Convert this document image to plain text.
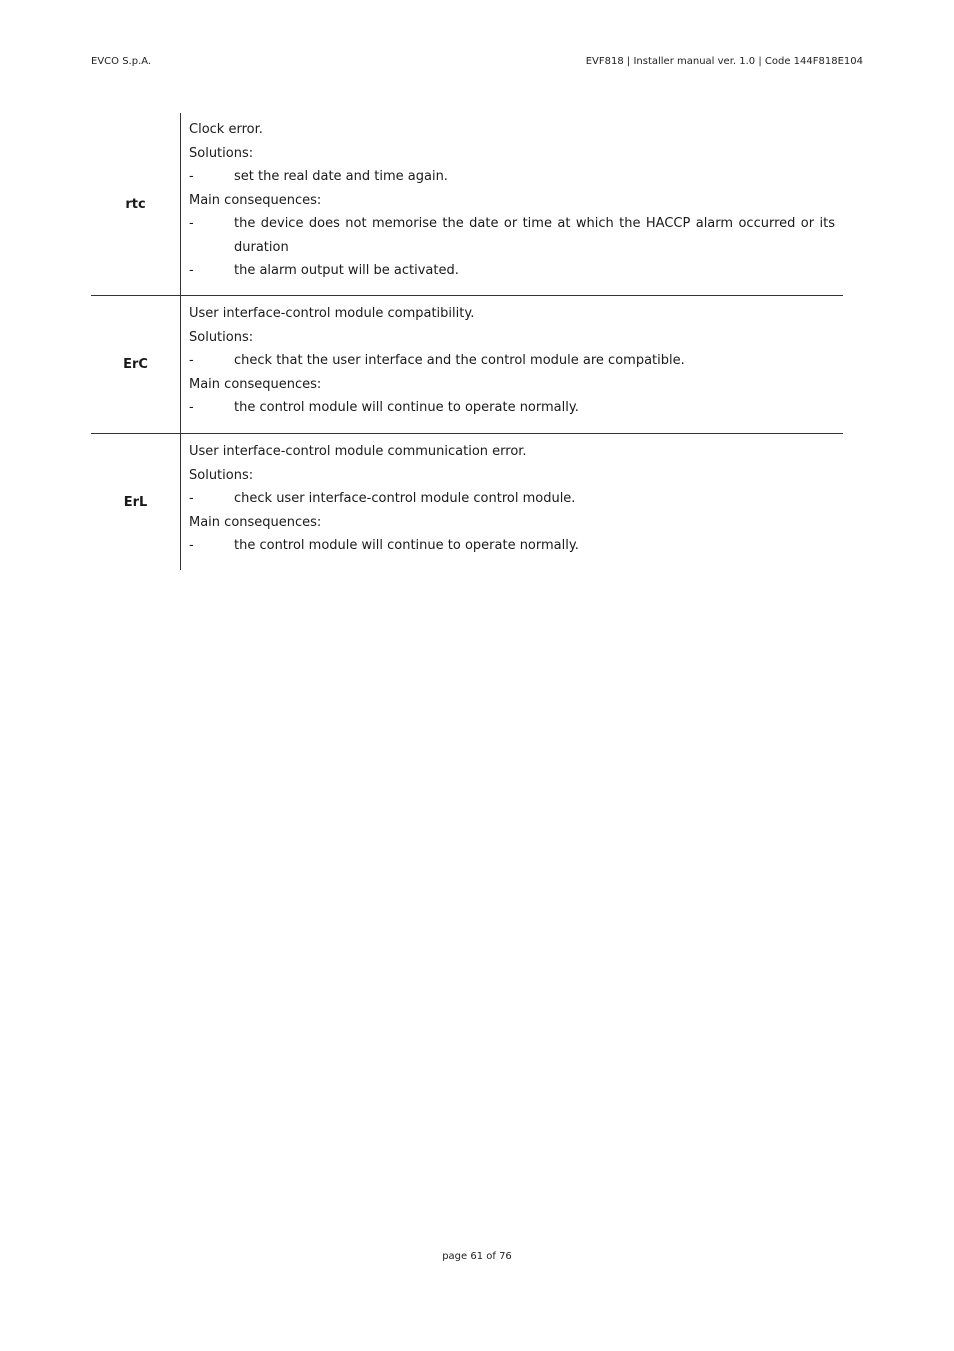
EVCO S.p.A.	EVF818 | Installer manual ver. 1.0 | Code 144F818E104
rtc

Clock error.

Solutions:

-	set the real date and time again.

Main consequences:

-	the device does not memorise the date or time at which the HACCP alarm occurred or its duration
-	the alarm output will be activated.
ErC

User interface-control module compatibility.

Solutions:

-	check that the user interface and the control module are compatible.

Main consequences:

-	the control module will continue to operate normally.
ErL

User interface-control module communication error.

Solutions:

-	check user interface-control module control module.

Main consequences:

-	the control module will continue to operate normally.
page 61 of 76
